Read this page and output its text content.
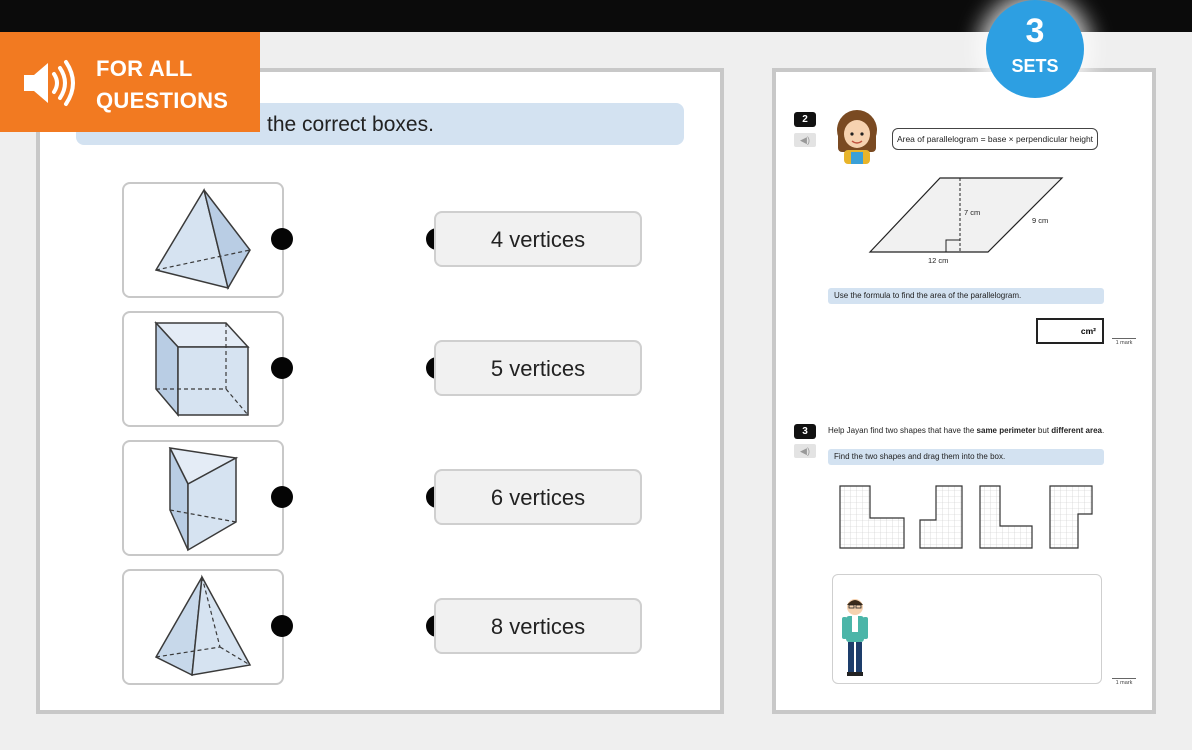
the correct boxes.
4 vertices
5 vertices
6 vertices
8 vertices
FOR ALL
QUESTIONS
2
◀)	Area of parallelogram = base × perpendicular height
7 cm
9 cm
12 cm
Use the formula to find the area of the parallelogram.
cm²
1 mark
3	Help Jayan find two shapes that have the same perimeter but different area.
◀)
Find the two shapes and drag them into the box.
1 mark
3
SETS
